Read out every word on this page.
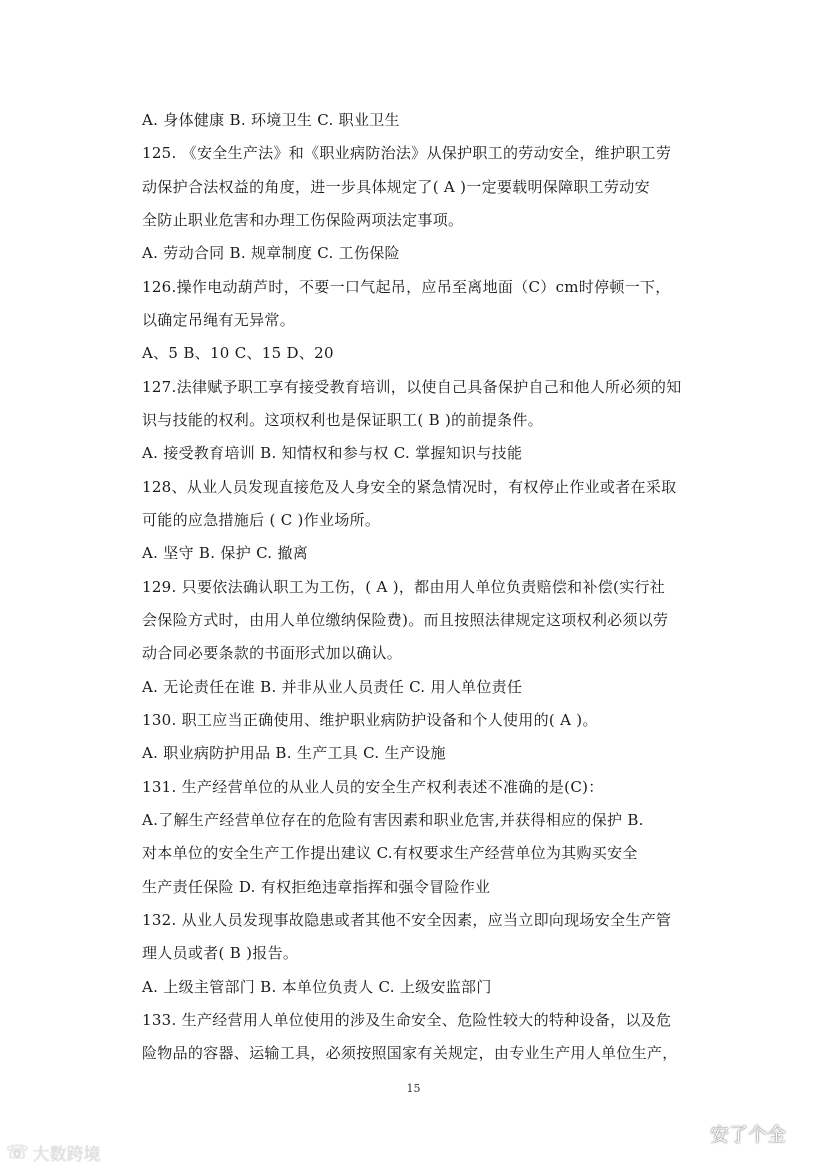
A. 身体健康 B. 环境卫生 C. 职业卫生
125. 《安全生产法》和《职业病防治法》从保护职工的劳动安全，维护职工劳
动保护合法权益的角度，进一步具体规定了( A )一定要载明保障职工劳动安
全防止职业危害和办理工伤保险两项法定事项。
A. 劳动合同 B. 规章制度 C. 工伤保险
126.操作电动葫芦时，不要一口气起吊，应吊至离地面（C）cm时停顿一下，
以确定吊绳有无异常。
A、5 B、10 C、15 D、20
127.法律赋予职工享有接受教育培训，以使自己具备保护自己和他人所必须的知
识与技能的权利。这项权利也是保证职工( B )的前提条件。
A. 接受教育培训 B. 知情权和参与权 C. 掌握知识与技能
128、从业人员发现直接危及人身安全的紧急情况时，有权停止作业或者在采取
可能的应急措施后 ( C )作业场所。
A. 坚守 B. 保护 C. 撤离
129. 只要依法确认职工为工伤，( A )，都由用人单位负责赔偿和补偿(实行社
会保险方式时，由用人单位缴纳保险费)。而且按照法律规定这项权利必须以劳
动合同必要条款的书面形式加以确认。
A. 无论责任在谁 B. 并非从业人员责任 C. 用人单位责任
130. 职工应当正确使用、维护职业病防护设备和个人使用的( A )。
A. 职业病防护用品 B. 生产工具 C. 生产设施
131. 生产经营单位的从业人员的安全生产权利表述不准确的是(C)：
A.了解生产经营单位存在的危险有害因素和职业危害,并获得相应的保护 B.
对本单位的安全生产工作提出建议 C.有权要求生产经营单位为其购买安全
生产责任保险 D. 有权拒绝违章指挥和强令冒险作业
132. 从业人员发现事故隐患或者其他不安全因素，应当立即向现场安全生产管
理人员或者( B )报告。
A. 上级主管部门 B. 本单位负责人 C. 上级安监部门
133. 生产经营用人单位使用的涉及生命安全、危险性较大的特种设备，以及危
险物品的容器、运输工具，必须按照国家有关规定，由专业生产用人单位生产，
15
☏ 大数跨境
安了个全
